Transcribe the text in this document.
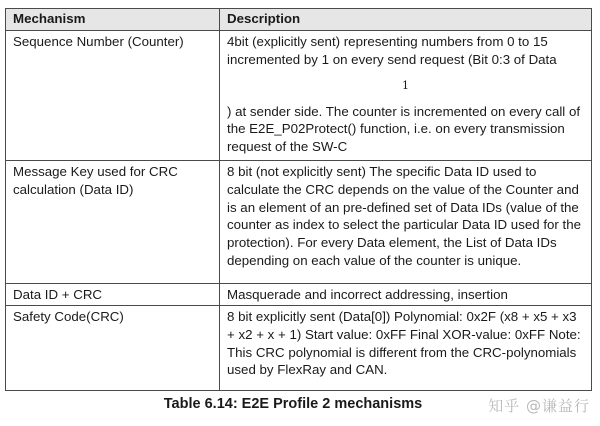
Mechanism	Description
Sequence Number (Counter)	4bit (explicitly sent) representing numbers from 0 to 15 incremented by 1 on every send request (Bit 0:3 of Data
1
) at sender side. The counter is incremented on every call of the E2E_P02Protect() function, i.e. on every transmission request of the SW-C
Message Key used for CRC calculation (Data ID)	8 bit (not explicitly sent) The specific Data ID used to calculate the CRC depends on the value of the Counter and is an element of an pre-defined set of Data IDs (value of the counter as index to select the particular Data ID used for the protection). For every Data element, the List of Data IDs depending on each value of the counter is unique.
Data ID + CRC	Masquerade and incorrect addressing, insertion
Safety Code(CRC)	8 bit explicitly sent (Data[0]) Polynomial: 0x2F (x8 + x5 + x3 + x2 + x + 1) Start value: 0xFF Final XOR-value: 0xFF Note: This CRC polynomial is different from the CRC-polynomials used by FlexRay and CAN.
Table 6.14: E2E Profile 2 mechanisms	知乎 @谦益行
